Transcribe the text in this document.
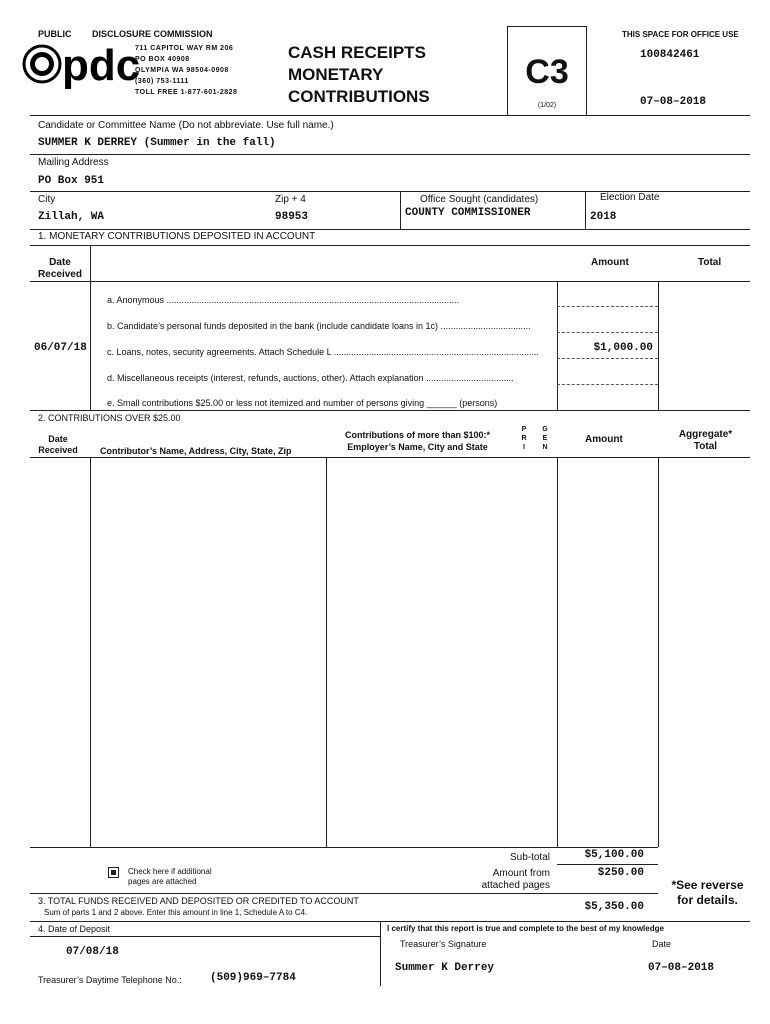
PUBLIC DISCLOSURE COMMISSION
pdc
711 CAPITOL WAY RM 206
PO BOX 40908
OLYMPIA WA 98504-0908
(360) 753-1111
TOLL FREE 1-877-601-2828
CASH RECEIPTS
MONETARY
CONTRIBUTIONS
C3
(1/02)
THIS SPACE FOR OFFICE USE
100842461
07–08–2018
Candidate or Committee Name (Do not abbreviate. Use full name.)
SUMMER K DERREY (Summer in the fall)
Mailing Address
PO Box 951
City
Zillah, WA
Zip + 4
98953
Office Sought (candidates)
COUNTY COMMISSIONER
Election Date
2018
1. MONETARY CONTRIBUTIONS DEPOSITED IN ACCOUNT
Date
Received
Amount	Total
a. Anonymous .....................................................................................................................
b. Candidate’s personal funds deposited in the bank (include candidate loans in 1c) ....................................
06/07/18 c. Loans, notes, security agreements. Attach Schedule L ..................................................................................	$1,000.00
d. Miscellaneous receipts (interest, refunds, auctions, other). Attach explanation ...................................
e. Small contributions $25.00 or less not itemized and number of persons giving ______ (persons)
2. CONTRIBUTIONS OVER $25.00
Date
Received	Contributor’s Name, Address, City, State, Zip
Contributions of more than $100:*
Employer’s Name, City and State
P R I
G E N
Amount	Aggregate*
Total
Check here if additional
pages are attached
Sub-total	$5,100.00
Amount from
attached pages
$250.00
*See reverse
for details.
3. TOTAL FUNDS RECEIVED AND DEPOSITED OR CREDITED TO ACCOUNT
Sum of parts 1 and 2 above. Enter this amount in line 1, Schedule A to C4.	$5,350.00
4. Date of Deposit
07/08/18
Treasurer’s Daytime Telephone No.:	(509)969–7784
I certify that this report is true and complete to the best of my knowledge
Treasurer’s Signature	Date
Summer K Derrey	07–08–2018
